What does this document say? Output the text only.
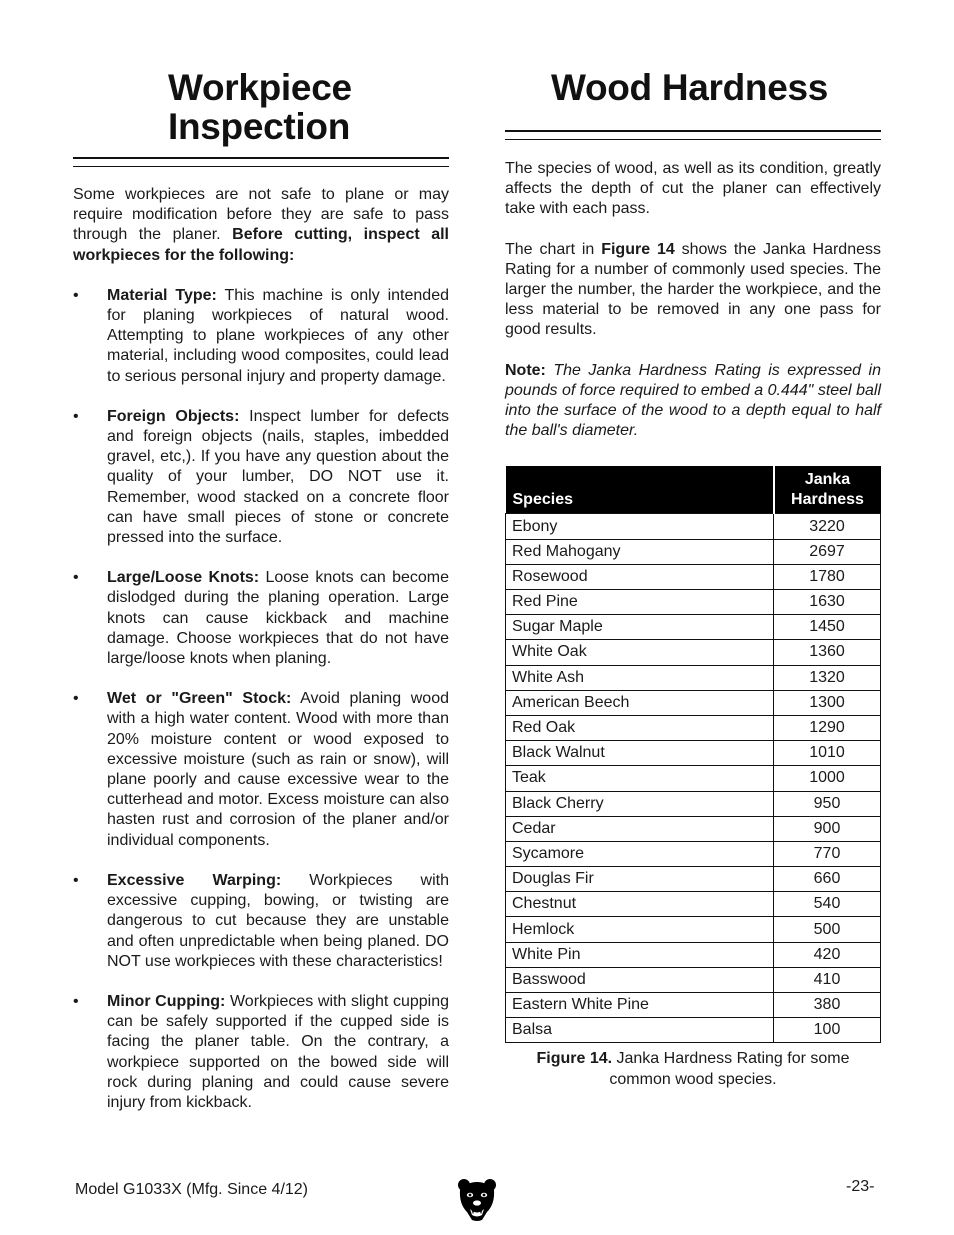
Workpiece
Inspection

Some workpieces are not safe to plane or may require modification before they are safe to pass through the planer. Before cutting, inspect all workpieces for the following:

• Material Type: This machine is only intended for planing workpieces of natural wood. Attempting to plane workpieces of any other material, including wood composites, could lead to serious personal injury and property damage.

• Foreign Objects: Inspect lumber for defects and foreign objects (nails, staples, imbedded gravel, etc,). If you have any question about the quality of your lumber, DO NOT use it. Remember, wood stacked on a concrete floor can have small pieces of stone or concrete pressed into the surface.

• Large/Loose Knots: Loose knots can become dislodged during the planing operation. Large knots can cause kickback and machine damage. Choose workpieces that do not have large/loose knots when planing.

• Wet or "Green" Stock: Avoid planing wood with a high water content. Wood with more than 20% moisture content or wood exposed to excessive moisture (such as rain or snow), will plane poorly and cause excessive wear to the cutterhead and motor. Excess moisture can also hasten rust and corrosion of the planer and/or individual components.

• Excessive Warping: Workpieces with excessive cupping, bowing, or twisting are dangerous to cut because they are unstable and often unpredictable when being planed. DO NOT use workpieces with these characteristics!

• Minor Cupping: Workpieces with slight cupping can be safely supported if the cupped side is facing the planer table. On the contrary, a workpiece supported on the bowed side will rock during planing and could cause severe injury from kickback.

Wood Hardness

The species of wood, as well as its condition, greatly affects the depth of cut the planer can effectively take with each pass.

The chart in Figure 14 shows the Janka Hardness Rating for a number of commonly used species. The larger the number, the harder the workpiece, and the less material to be removed in any one pass for good results.

Note: The Janka Hardness Rating is expressed in pounds of force required to embed a 0.444" steel ball into the surface of the wood to a depth equal to half the ball's diameter.

Species	Janka
Hardness
Ebony	3220
Red Mahogany	2697
Rosewood	1780
Red Pine	1630
Sugar Maple	1450
White Oak	1360
White Ash	1320
American Beech	1300
Red Oak	1290
Black Walnut	1010
Teak	1000
Black Cherry	950
Cedar	900
Sycamore	770
Douglas Fir	660
Chestnut	540
Hemlock	500
White Pin	420
Basswood	410
Eastern White Pine	380
Balsa	100
Figure 14. Janka Hardness Rating for some
common wood species.
Model G1033X (Mfg. Since 4/12)	-23-
